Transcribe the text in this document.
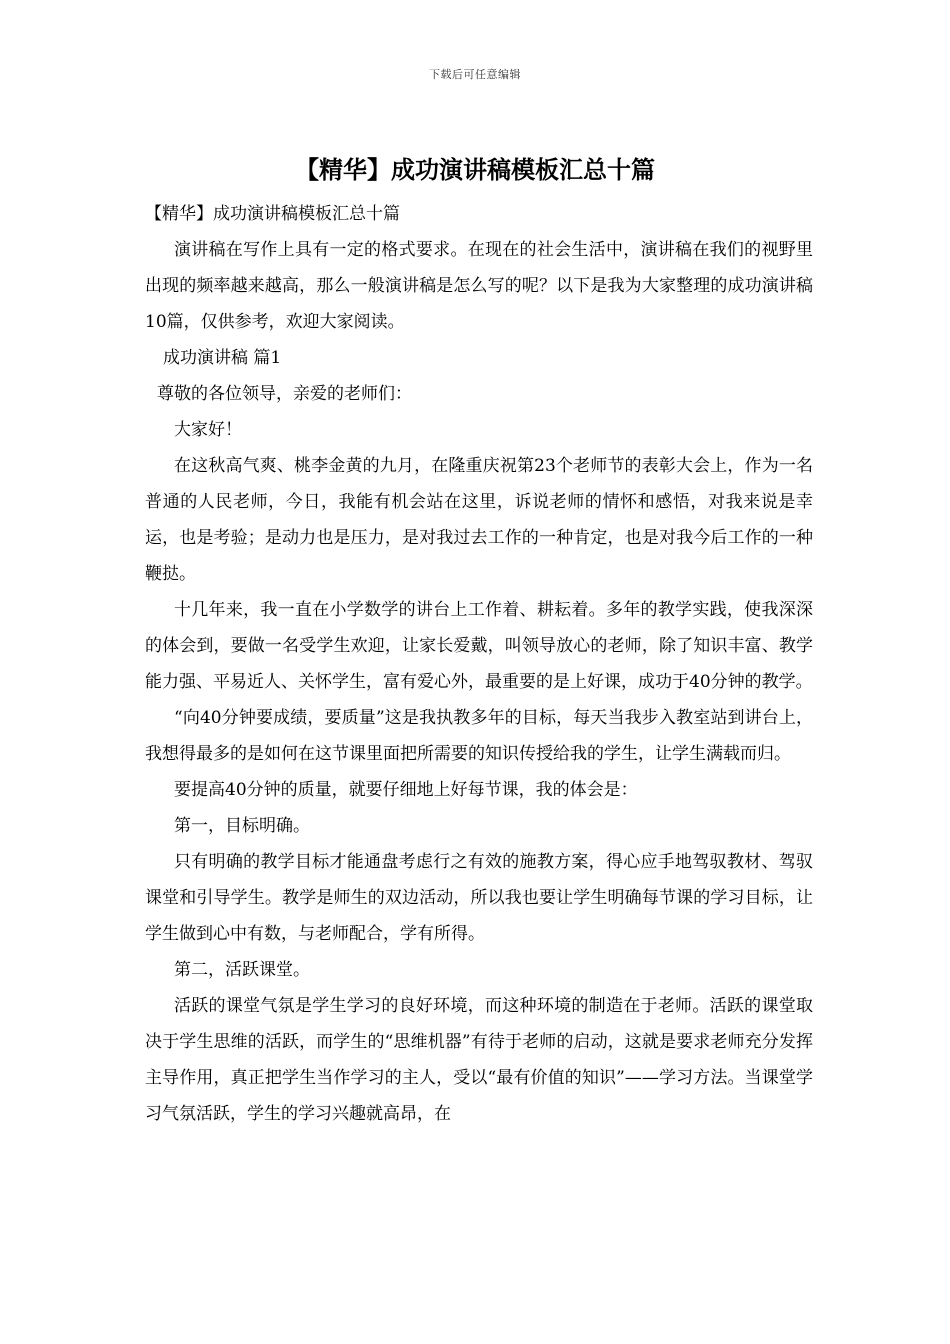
下载后可任意编辑
【精华】成功演讲稿模板汇总十篇

【精华】成功演讲稿模板汇总十篇

演讲稿在写作上具有一定的格式要求。在现在的社会生活中，演讲稿在我们的视野里出现的频率越来越高，那么一般演讲稿是怎么写的呢？以下是我为大家整理的成功演讲稿10篇，仅供参考，欢迎大家阅读。

成功演讲稿 篇1

尊敬的各位领导，亲爱的老师们：

大家好！

在这秋高气爽、桃李金黄的九月，在隆重庆祝第23个老师节的表彰大会上，作为一名普通的人民老师，今日，我能有机会站在这里，诉说老师的情怀和感悟，对我来说是幸运，也是考验；是动力也是压力，是对我过去工作的一种肯定，也是对我今后工作的一种鞭挞。

十几年来，我一直在小学数学的讲台上工作着、耕耘着。多年的教学实践，使我深深的体会到，要做一名受学生欢迎，让家长爱戴，叫领导放心的老师，除了知识丰富、教学能力强、平易近人、关怀学生，富有爱心外，最重要的是上好课，成功于40分钟的教学。

“向40分钟要成绩，要质量”这是我执教多年的目标，每天当我步入教室站到讲台上，我想得最多的是如何在这节课里面把所需要的知识传授给我的学生，让学生满载而归。

要提高40分钟的质量，就要仔细地上好每节课，我的体会是：

第一，目标明确。

只有明确的教学目标才能通盘考虑行之有效的施教方案，得心应手地驾驭教材、驾驭课堂和引导学生。教学是师生的双边活动，所以我也要让学生明确每节课的学习目标，让学生做到心中有数，与老师配合，学有所得。

第二，活跃课堂。

活跃的课堂气氛是学生学习的良好环境，而这种环境的制造在于老师。活跃的课堂取决于学生思维的活跃，而学生的“思维机器”有待于老师的启动，这就是要求老师充分发挥主导作用，真正把学生当作学习的主人，受以“最有价值的知识”——学习方法。当课堂学习气氛活跃，学生的学习兴趣就高昂，在
